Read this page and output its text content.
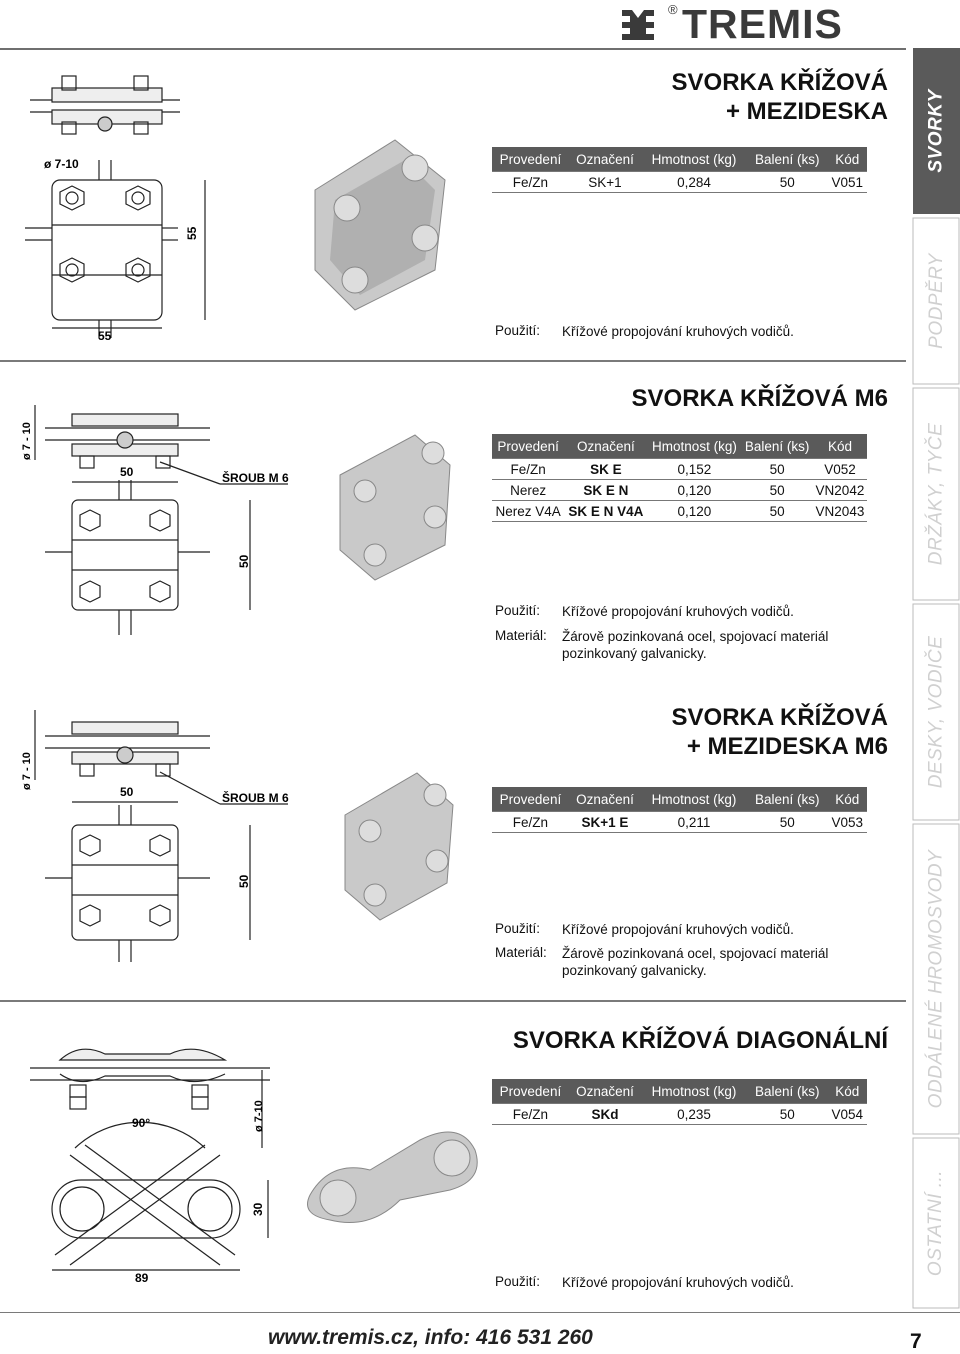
® TREMIS
SVORKY
PODPĚRY
DRŽÁKY, TYČE
DESKY, VODIČE
ODDÁLENÉ HROMOSVODY
OSTATNÍ ...
ø 7-10
55
55
SVORKA KŘÍŽOVÁ
+ MEZIDESKA
Provedení	Označení	Hmotnost (kg)	Balení (ks)	Kód
Fe/Zn	SK+1	0,284	50	V051
Použití: Křížové propojování kruhových vodičů.
ø 7 - 10
50	ŠROUB M 6
50
SVORKA KŘÍŽOVÁ M6
Provedení	Označení	Hmotnost (kg)	Balení (ks)	Kód
Fe/Zn	SK E	0,152	50	V052
Nerez	SK E N	0,120	50	VN2042
Nerez V4A	SK E N V4A	0,120	50	VN2043
Použití: Křížové propojování kruhových vodičů.
Materiál: Žárově pozinkovaná ocel, spojovací materiál pozinkovaný galvanicky.
ø 7 - 10
50	ŠROUB M 6
50
SVORKA KŘÍŽOVÁ
+ MEZIDESKA M6
Provedení	Označení	Hmotnost (kg)	Balení (ks)	Kód
Fe/Zn	SK+1 E	0,211	50	V053
Použití: Křížové propojování kruhových vodičů.
Materiál: Žárově pozinkovaná ocel, spojovací materiál pozinkovaný galvanicky.
90°	ø 7-10
30
89
SVORKA KŘÍŽOVÁ DIAGONÁLNÍ
Provedení	Označení	Hmotnost (kg)	Balení (ks)	Kód
Fe/Zn	SKd	0,235	50	V054
Použití: Křížové propojování kruhových vodičů.
www.tremis.cz, info: 416 531 260	7
